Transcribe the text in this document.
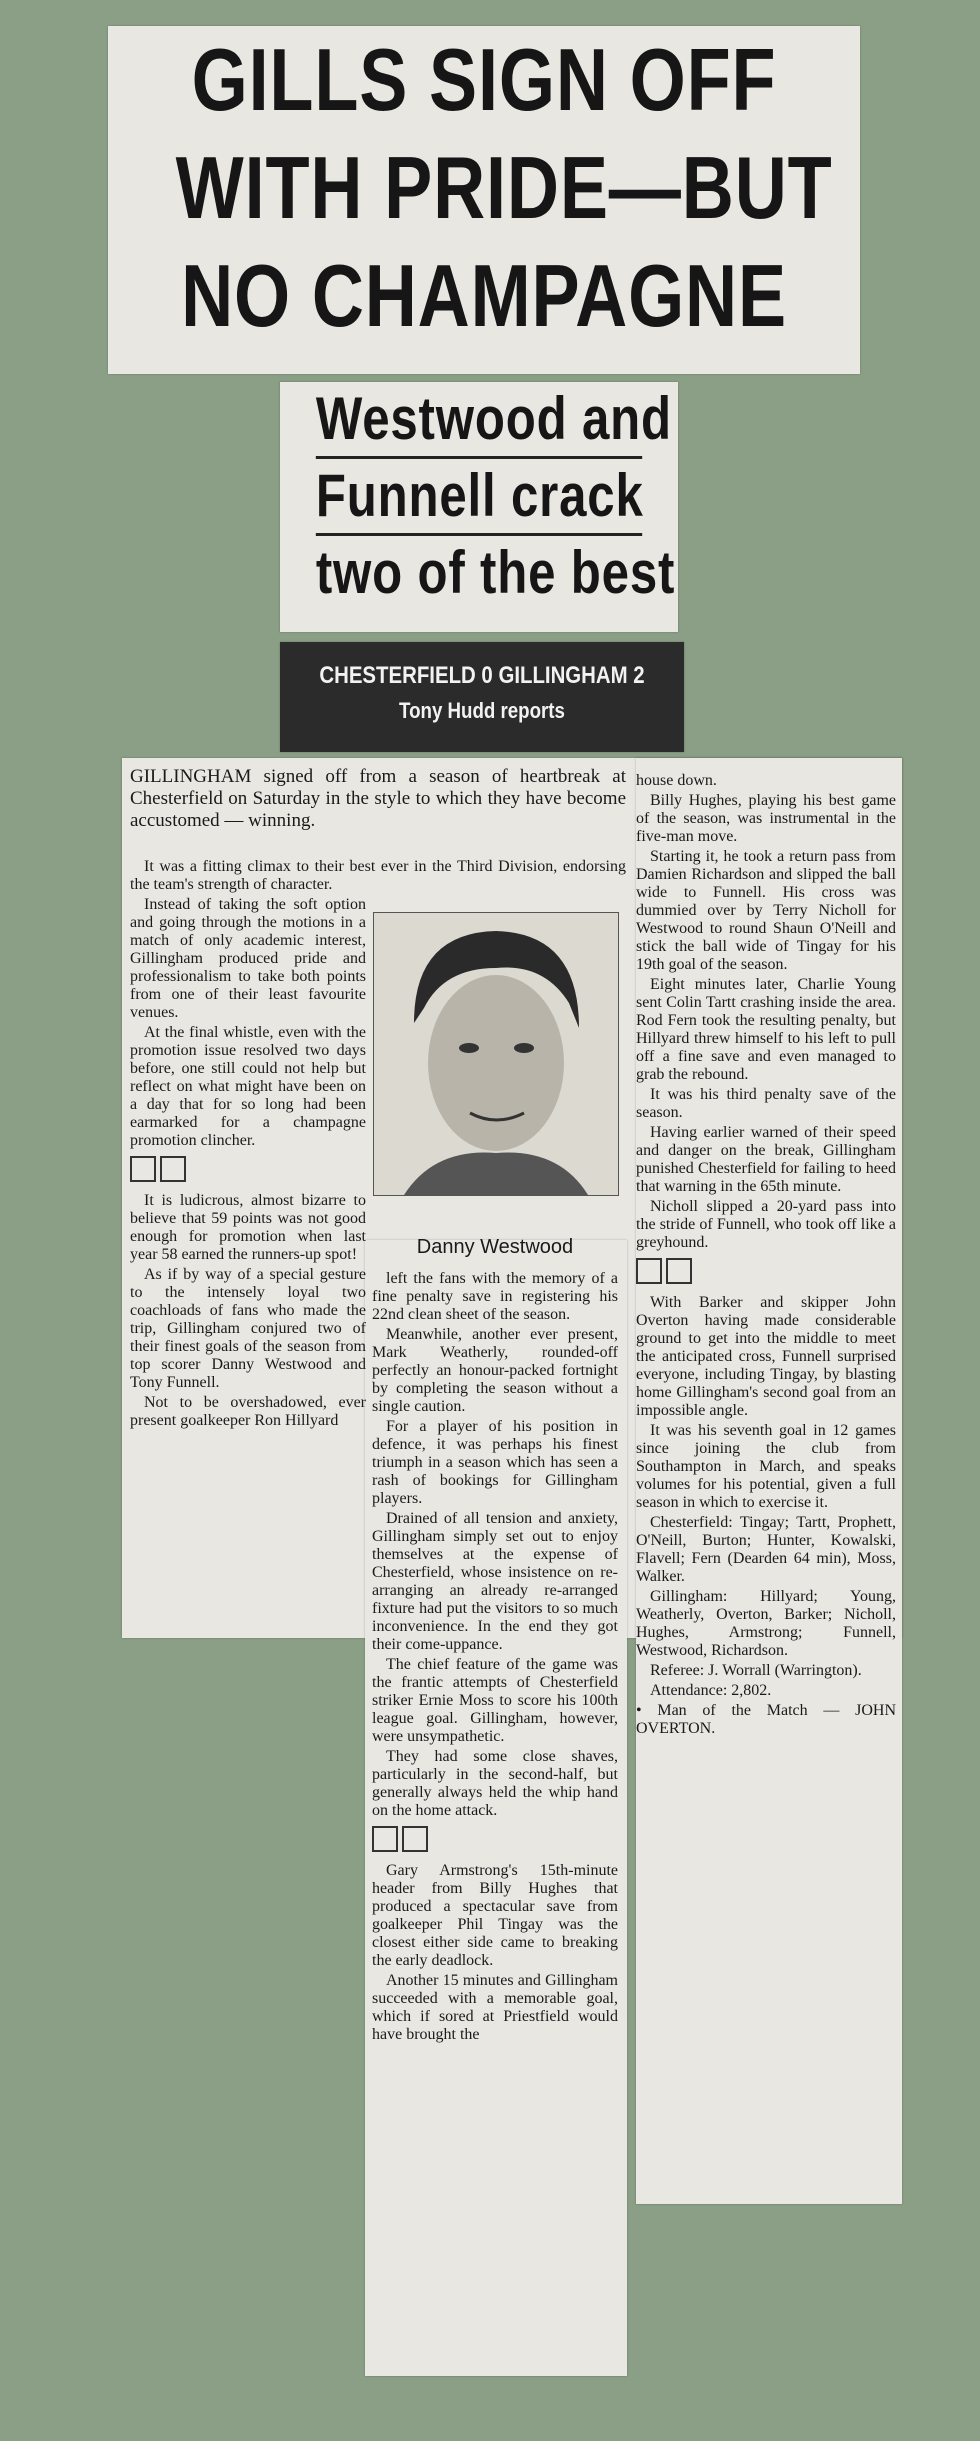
GILLS SIGN OFF
WITH PRIDE—BUT
NO CHAMPAGNE
Westwood and
Funnell crack
two of the best
CHESTERFIELD 0 GILLINGHAM 2
Tony Hudd reports

GILLINGHAM signed off from a season of heartbreak at Chesterfield on Saturday in the style to which they have become accustomed — winning.

It was a fitting climax to their best ever in the Third Division, endorsing the team's strength of character.

Instead of taking the soft option and going through the motions in a match of only academic interest, Gillingham produced pride and professionalism to take both points from one of their least favourite venues.

At the final whistle, even with the promotion issue resolved two days before, one still could not help but reflect on what might have been on a day that for so long had been earmarked for a champagne promotion clincher.

It is ludicrous, almost bizarre to believe that 59 points was not good enough for promotion when last year 58 earned the runners-up spot!

As if by way of a special gesture to the intensely loyal two coachloads of fans who made the trip, Gillingham conjured two of their finest goals of the season from top scorer Danny Westwood and Tony Funnell.

Not to be overshadowed, ever present goalkeeper Ron Hillyard

Danny Westwood

left the fans with the memory of a fine penalty save in registering his 22nd clean sheet of the season.

Meanwhile, another ever present, Mark Weatherly, rounded-off perfectly an honour-packed fortnight by completing the season without a single caution.

For a player of his position in defence, it was perhaps his finest triumph in a season which has seen a rash of bookings for Gillingham players.

Drained of all tension and anxiety, Gillingham simply set out to enjoy themselves at the expense of Chesterfield, whose insistence on re-arranging an already re-arranged fixture had put the visitors to so much inconvenience. In the end they got their come-uppance.

The chief feature of the game was the frantic attempts of Chesterfield striker Ernie Moss to score his 100th league goal. Gillingham, however, were unsympathetic.

They had some close shaves, particularly in the second-half, but generally always held the whip hand on the home attack.

Gary Armstrong's 15th-minute header from Billy Hughes that produced a spectacular save from goalkeeper Phil Tingay was the closest either side came to breaking the early deadlock.

Another 15 minutes and Gillingham succeeded with a memorable goal, which if sored at Priestfield would have brought the

house down.

Billy Hughes, playing his best game of the season, was instrumental in the five-man move.

Starting it, he took a return pass from Damien Richardson and slipped the ball wide to Funnell. His cross was dummied over by Terry Nicholl for Westwood to round Shaun O'Neill and stick the ball wide of Tingay for his 19th goal of the season.

Eight minutes later, Charlie Young sent Colin Tartt crashing inside the area. Rod Fern took the resulting penalty, but Hillyard threw himself to his left to pull off a fine save and even managed to grab the rebound.

It was his third penalty save of the season.

Having earlier warned of their speed and danger on the break, Gillingham punished Chesterfield for failing to heed that warning in the 65th minute.

Nicholl slipped a 20-yard pass into the stride of Funnell, who took off like a greyhound.

With Barker and skipper John Overton having made considerable ground to get into the middle to meet the anticipated cross, Funnell surprised everyone, including Tingay, by blasting home Gillingham's second goal from an impossible angle.

It was his seventh goal in 12 games since joining the club from Southampton in March, and speaks volumes for his potential, given a full season in which to exercise it.

Chesterfield: Tingay; Tartt, Prophett, O'Neill, Burton; Hunter, Kowalski, Flavell; Fern (Dearden 64 min), Moss, Walker.

Gillingham: Hillyard; Young, Weatherly, Overton, Barker; Nicholl, Hughes, Armstrong; Funnell, Westwood, Richardson.

Referee: J. Worrall (Warrington).

Attendance: 2,802.

• Man of the Match — JOHN OVERTON.
